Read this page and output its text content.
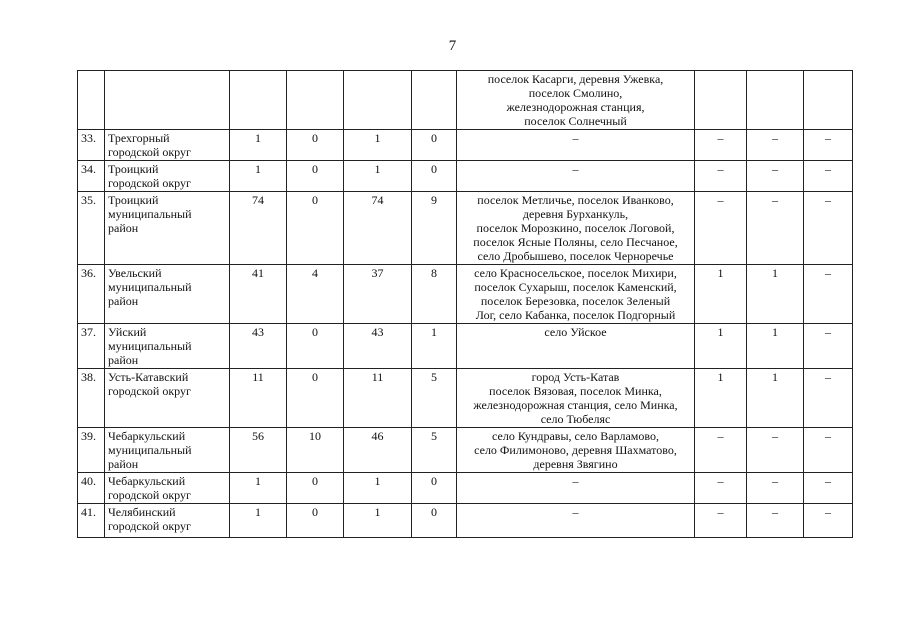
7

						поселок Касарги, деревня Ужевка,
поселок Смолино,
железнодорожная станция,
поселок Солнечный			

33.	Трехгорный
городской округ	1	0	1	0	–	–	–	–
34.	Троицкий
городской округ	1	0	1	0	–	–	–	–
35.	Троицкий
муниципальный
район	74	0	74	9	поселок Метличье, поселок Иванково,
деревня Бурханкуль,
поселок Морозкино, поселок Логовой,
поселок Ясные Поляны, село Песчаное,
село Дробышево, поселок Черноречье	–	–	–
36.	Увельский
муниципальный
район	41	4	37	8	село Красносельское, поселок Михири,
поселок Сухарыш, поселок Каменский,
поселок Березовка, поселок Зеленый
Лог, село Кабанка, поселок Подгорный	1	1	–
37.	Уйский
муниципальный
район	43	0	43	1	село Уйское	1	1	–
38.	Усть-Катавский
городской округ	11	0	11	5	город Усть-Катав
поселок Вязовая, поселок Минка,
железнодорожная станция, село Минка,
село Тюбеляс	1	1	–
39.	Чебаркульский
муниципальный
район	56	10	46	5	село Кундравы, село Варламово,
село Филимоново, деревня Шахматово,
деревня Звягино	–	–	–
40.	Чебаркульский
городской округ	1	0	1	0	–	–	–	–
41.	Челябинский
городской округ	1	0	1	0	–	–	–	–
